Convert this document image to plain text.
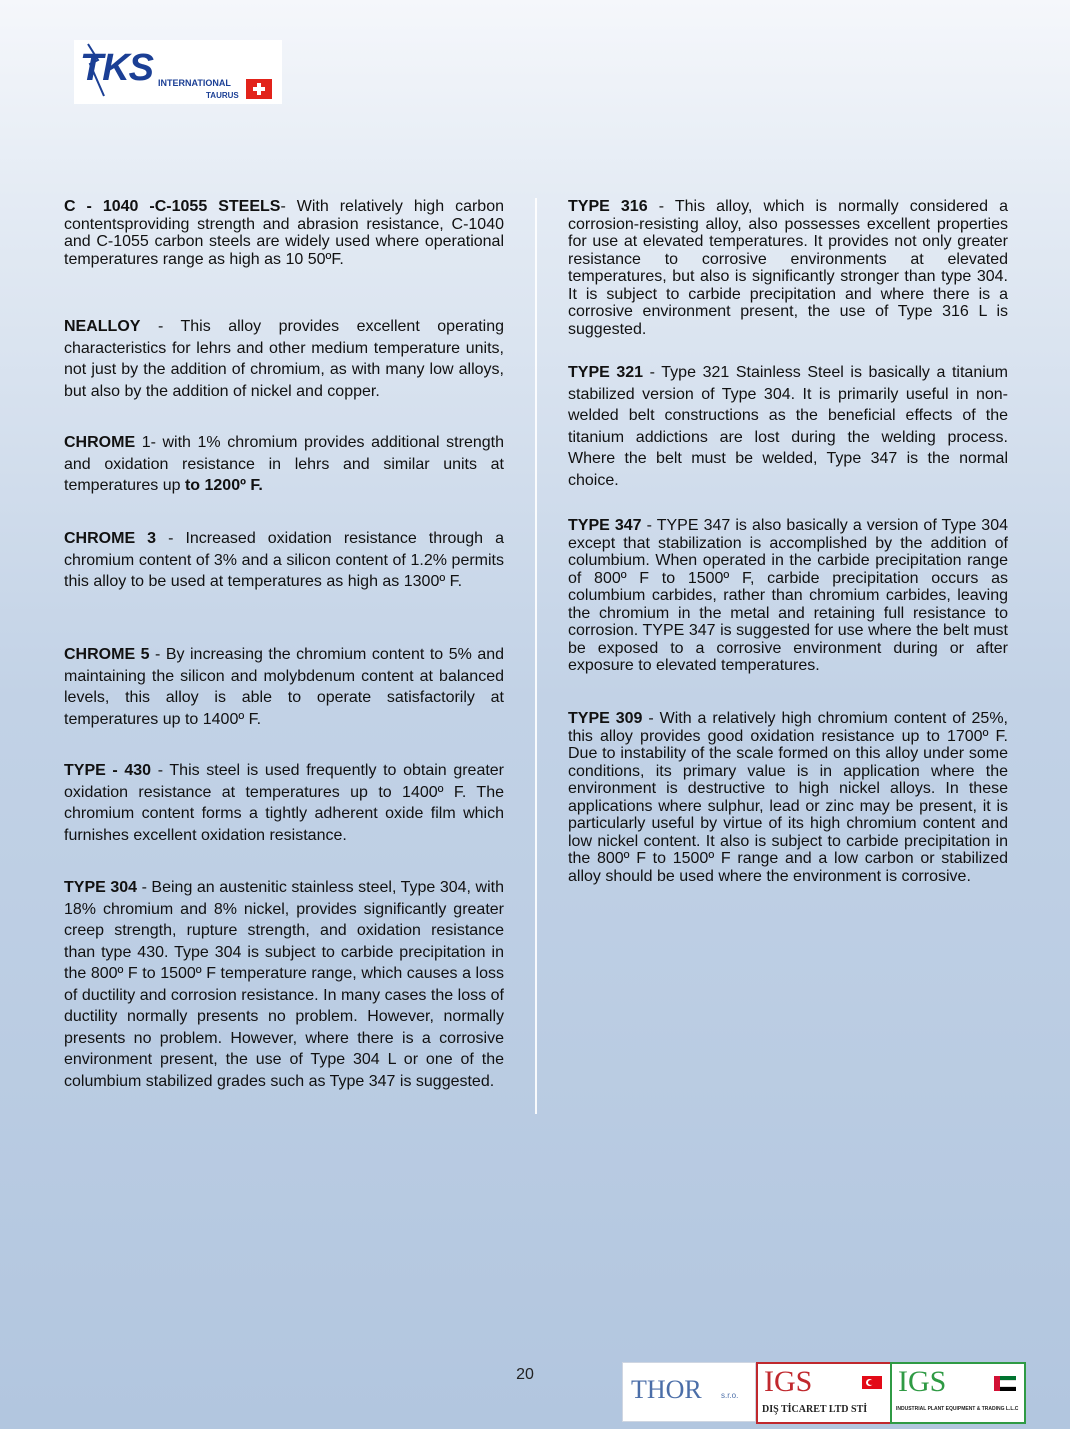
TKS INTERNATIONAL
TAURUS

C - 1040 -C-1055 STEELS- With relatively high carbon contentsproviding strength and abrasion resistance, C-1040 and C-1055 carbon steels are widely used where operational temperatures range as high as 10 50ºF.

NEALLOY - This alloy provides excellent operating characteristics for lehrs and other medium temperature units, not just by the addition of chromium, as with many low alloys, but also by the addition of nickel and copper.

CHROME 1- with 1% chromium provides additional strength and oxidation resistance in lehrs and similar units at temperatures up to 1200º F.

CHROME 3 - Increased oxidation resistance through a chromium content of 3% and a silicon content of 1.2% permits this alloy to be used at temperatures as high as 1300º F.

CHROME 5 - By increasing the chromium content to 5% and maintaining the silicon and molybdenum content at balanced levels, this alloy is able to operate satisfactorily at temperatures up to 1400º F.

TYPE - 430 - This steel is used frequently to obtain greater oxidation resistance at temperatures up to 1400º F. The chromium content forms a tightly adherent oxide film which furnishes excellent oxidation resistance.

TYPE 304 - Being an austenitic stainless steel, Type 304, with 18% chromium and 8% nickel, provides significantly greater creep strength, rupture strength, and oxidation resistance than type 430. Type 304 is subject to carbide precipitation in the 800º F to 1500º F temperature range, which causes a loss of ductility and corrosion resistance. In many cases the loss of ductility normally presents no problem. However, normally presents no problem. However, where there is a corrosive environment present, the use of Type 304 L or one of the columbium stabilized grades such as Type 347 is suggested.

TYPE 316 - This alloy, which is normally considered a corrosion-resisting alloy, also possesses excellent properties for use at elevated temperatures. It provides not only greater resistance to corrosive environments at elevated temperatures, but also is significantly stronger than type 304. It is subject to carbide precipitation and where there is a corrosive environment present, the use of Type 316 L is suggested.

TYPE 321 - Type 321 Stainless Steel is basically a titanium stabilized version of Type 304. It is primarily useful in non-welded belt constructions as the beneficial effects of the titanium addictions are lost during the welding process. Where the belt must be welded, Type 347 is the normal choice.

TYPE 347 - TYPE 347 is also basically a version of Type 304 except that stabilization is accomplished by the addition of columbium. When operated in the carbide precipitation range of 800º F to 1500º F, carbide precipitation occurs as columbium carbides, rather than chromium carbides, leaving the chromium in the metal and retaining full resistance to corrosion. TYPE 347 is suggested for use where the belt must be exposed to a corrosive environment during or after exposure to elevated temperatures.

TYPE 309 - With a relatively high chromium content of 25%, this alloy provides good oxidation resistance up to 1700º F. Due to instability of the scale formed on this alloy under some conditions, its primary value is in application where the environment is destructive to high nickel alloys. In these applications where sulphur, lead or zinc may be present, it is particularly useful by virtue of its high chromium content and low nickel content. It also is subject to carbide precipitation in the 800º F to 1500º F range and a low carbon or stabilized alloy should be used where the environment is corrosive.

20
THOR s.r.o. IGS
DIŞ TİCARET LTD STİ
IGS
INDUSTRIAL PLANT EQUIPMENT & TRADING L.L.C
